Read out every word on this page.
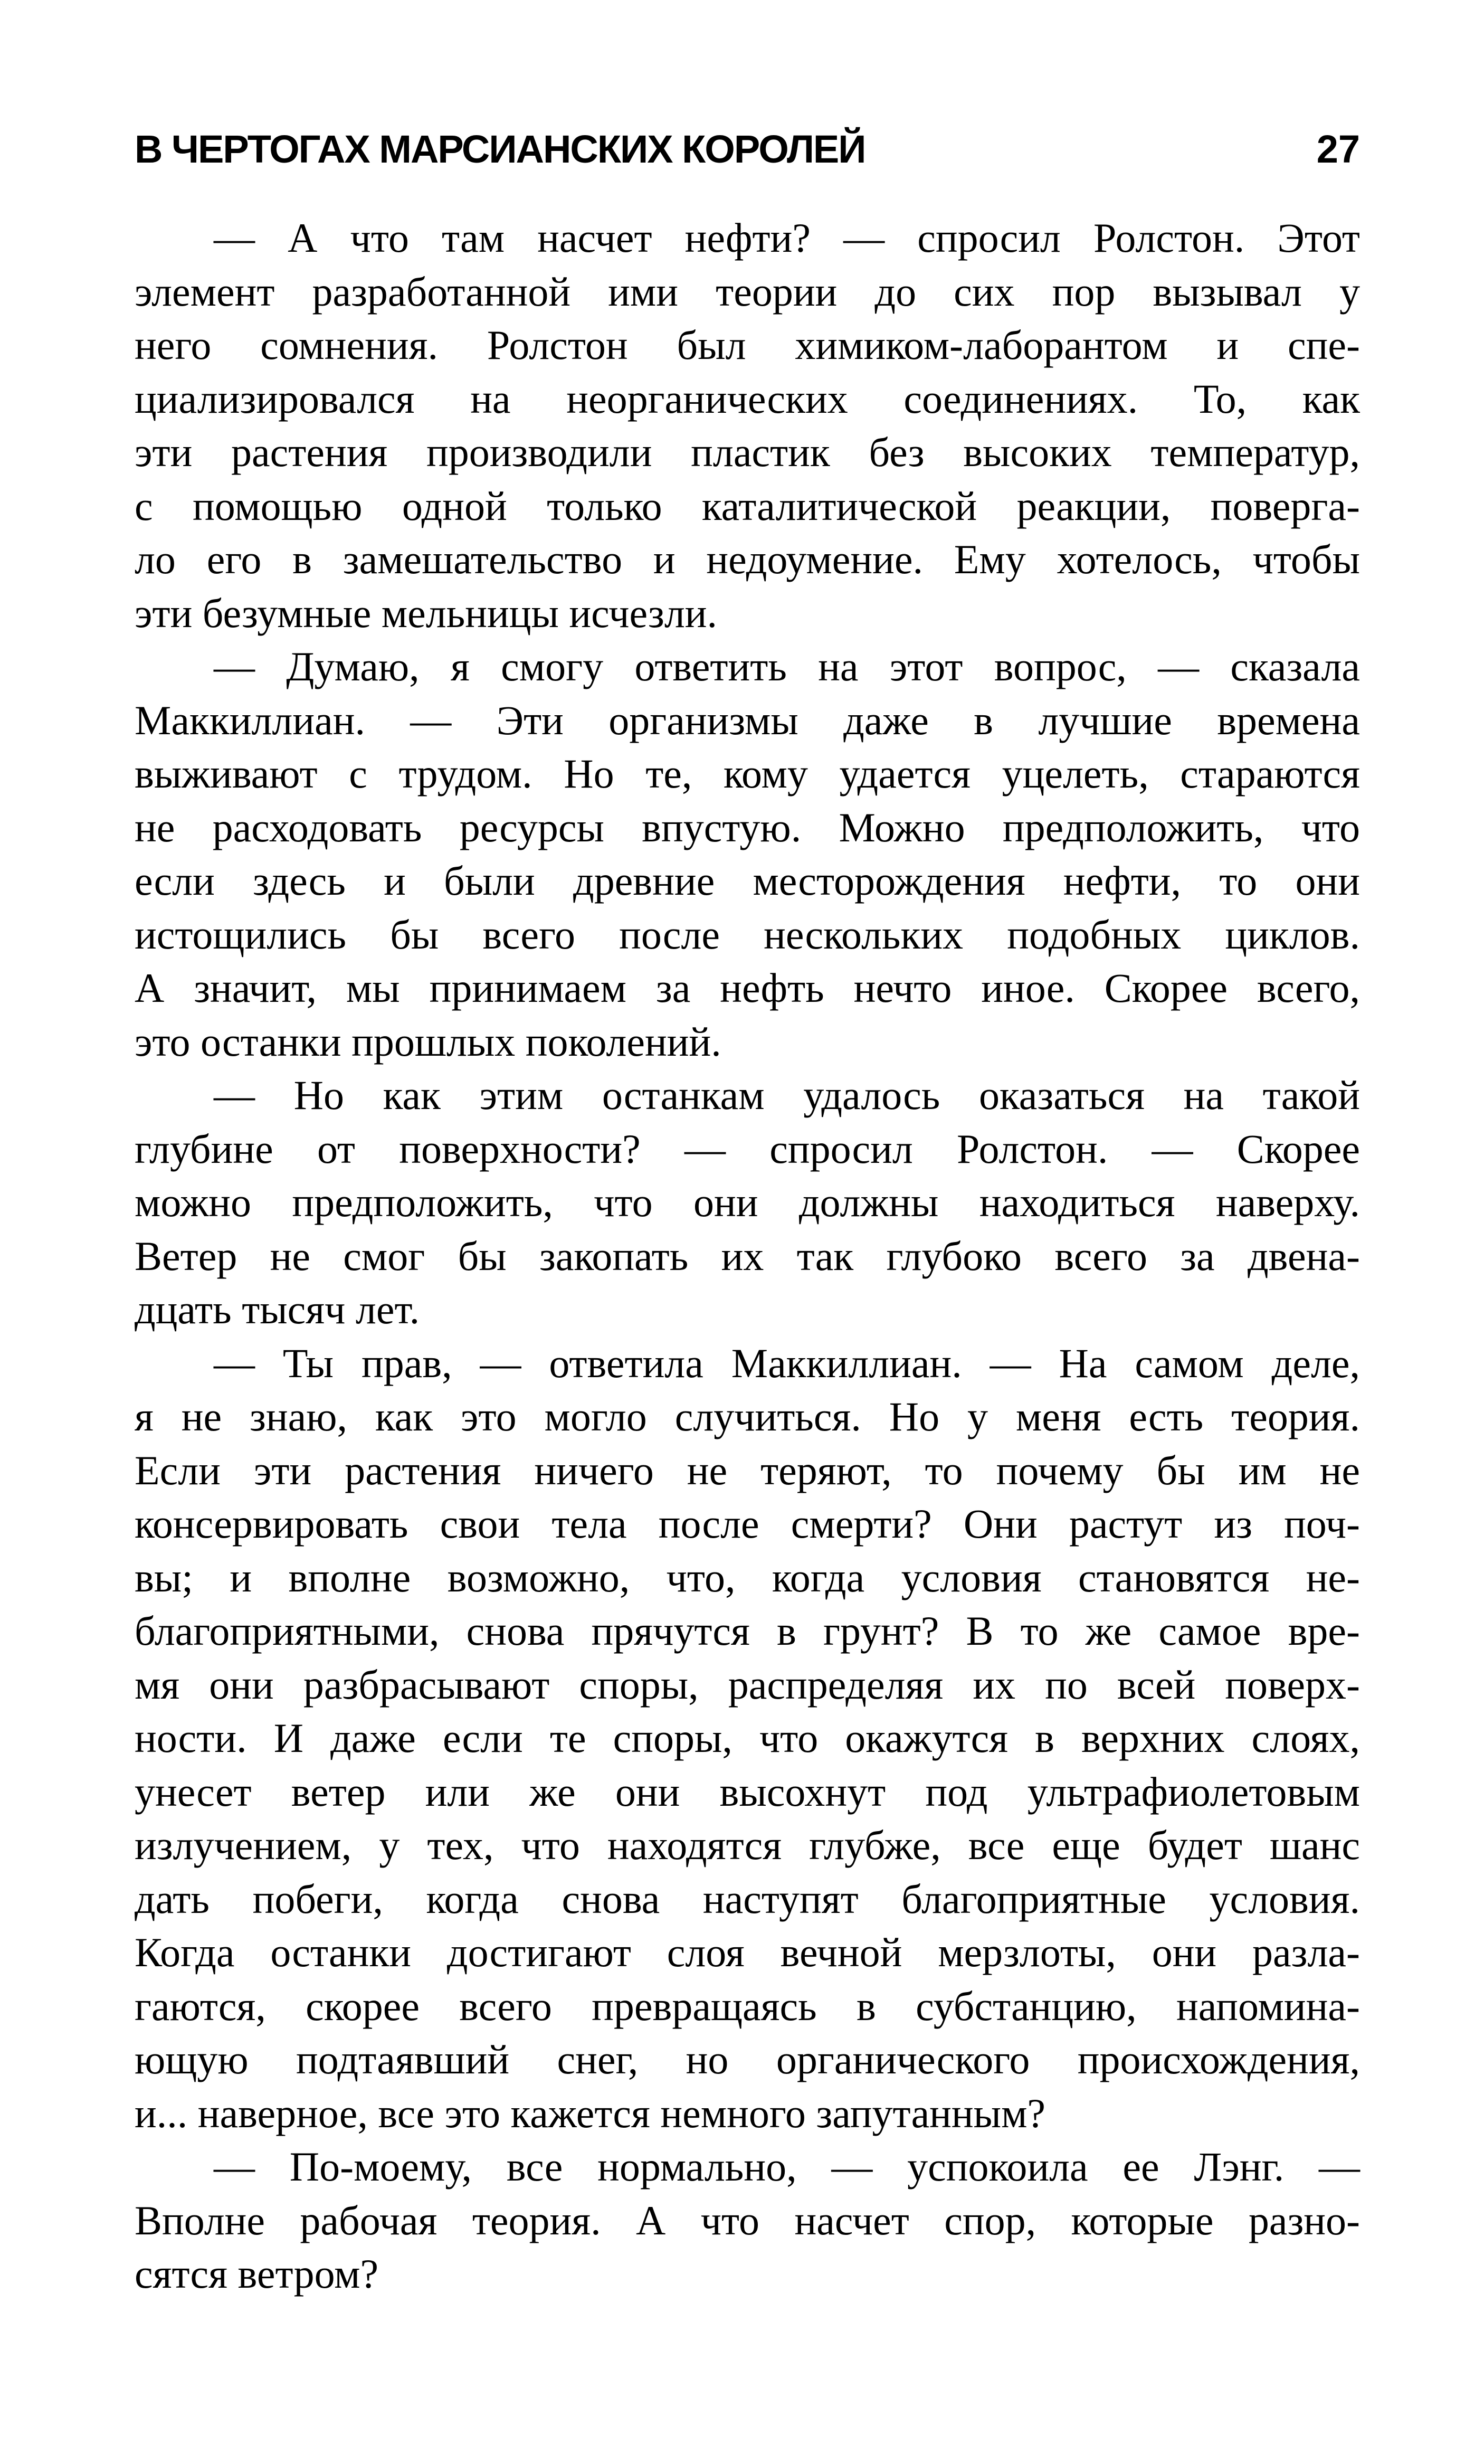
В ЧЕРТОГАХ МАРСИАНСКИХ КОРОЛЕЙ	27
— А что там насчет нефти? — спросил Ролстон. Этот
элемент разработанной ими теории до сих пор вызывал у
него сомнения. Ролстон был химиком-лаборантом и спе-
циализировался на неорганических соединениях. То, как
эти растения производили пластик без высоких температур,
с помощью одной только каталитической реакции, поверга-
ло его в замешательство и недоумение. Ему хотелось, чтобы
эти безумные мельницы исчезли.
— Думаю, я смогу ответить на этот вопрос, — сказала
Маккиллиан. — Эти организмы даже в лучшие времена
выживают с трудом. Но те, кому удается уцелеть, стараются
не расходовать ресурсы впустую. Можно предположить, что
если здесь и были древние месторождения нефти, то они
истощились бы всего после нескольких подобных циклов.
А значит, мы принимаем за нефть нечто иное. Скорее всего,
это останки прошлых поколений.
— Но как этим останкам удалось оказаться на такой
глубине от поверхности? — спросил Ролстон. — Скорее
можно предположить, что они должны находиться наверху.
Ветер не смог бы закопать их так глубоко всего за двена-
дцать тысяч лет.
— Ты прав, — ответила Маккиллиан. — На самом деле,
я не знаю, как это могло случиться. Но у меня есть теория.
Если эти растения ничего не теряют, то почему бы им не
консервировать свои тела после смерти? Они растут из поч-
вы; и вполне возможно, что, когда условия становятся не-
благоприятными, снова прячутся в грунт? В то же самое вре-
мя они разбрасывают споры, распределяя их по всей поверх-
ности. И даже если те споры, что окажутся в верхних слоях,
унесет ветер или же они высохнут под ультрафиолетовым
излучением, у тех, что находятся глубже, все еще будет шанс
дать побеги, когда снова наступят благоприятные условия.
Когда останки достигают слоя вечной мерзлоты, они разла-
гаются, скорее всего превращаясь в субстанцию, напомина-
ющую подтаявший снег, но органического происхождения,
и... наверное, все это кажется немного запутанным?
— По-моему, все нормально, — успокоила ее Лэнг. —
Вполне рабочая теория. А что насчет спор, которые разно-
сятся ветром?
